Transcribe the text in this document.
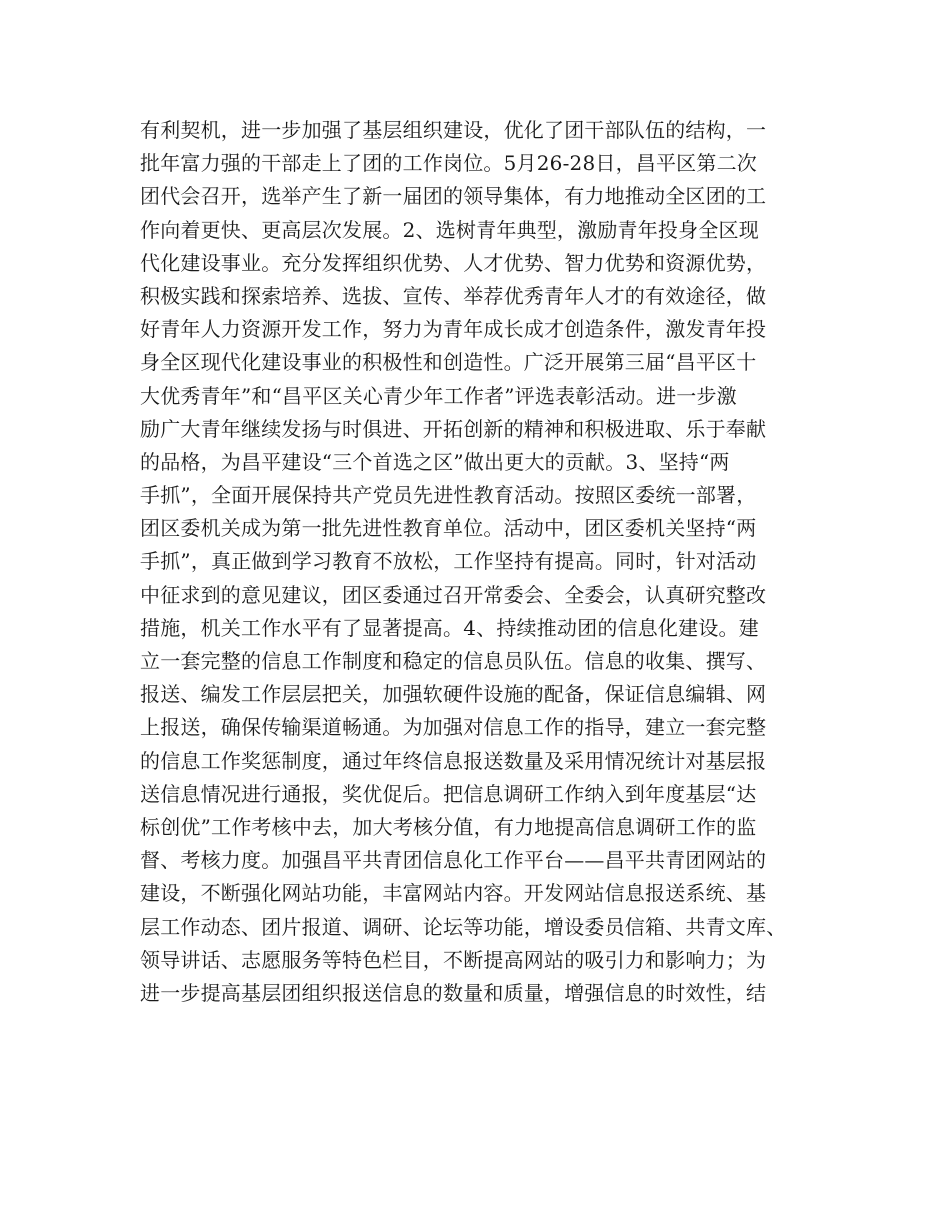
有利契机，进一步加强了基层组织建设，优化了团干部队伍的结构，一
批年富力强的干部走上了团的工作岗位。5月26-28日，昌平区第二次
团代会召开，选举产生了新一届团的领导集体，有力地推动全区团的工
作向着更快、更高层次发展。2、选树青年典型，激励青年投身全区现
代化建设事业。充分发挥组织优势、人才优势、智力优势和资源优势，
积极实践和探索培养、选拔、宣传、举荐优秀青年人才的有效途径，做
好青年人力资源开发工作，努力为青年成长成才创造条件，激发青年投
身全区现代化建设事业的积极性和创造性。广泛开展第三届“昌平区十
大优秀青年”和“昌平区关心青少年工作者”评选表彰活动。进一步激
励广大青年继续发扬与时俱进、开拓创新的精神和积极进取、乐于奉献
的品格，为昌平建设“三个首选之区”做出更大的贡献。3、坚持“两
手抓”，全面开展保持共产党员先进性教育活动。按照区委统一部署，
团区委机关成为第一批先进性教育单位。活动中，团区委机关坚持“两
手抓”，真正做到学习教育不放松，工作坚持有提高。同时，针对活动
中征求到的意见建议，团区委通过召开常委会、全委会，认真研究整改
措施，机关工作水平有了显著提高。4、持续推动团的信息化建设。建
立一套完整的信息工作制度和稳定的信息员队伍。信息的收集、撰写、
报送、编发工作层层把关，加强软硬件设施的配备，保证信息编辑、网
上报送，确保传输渠道畅通。为加强对信息工作的指导，建立一套完整
的信息工作奖惩制度，通过年终信息报送数量及采用情况统计对基层报
送信息情况进行通报，奖优促后。把信息调研工作纳入到年度基层“达
标创优”工作考核中去，加大考核分值，有力地提高信息调研工作的监
督、考核力度。加强昌平共青团信息化工作平台——昌平共青团网站的
建设，不断强化网站功能，丰富网站内容。开发网站信息报送系统、基
层工作动态、团片报道、调研、论坛等功能，增设委员信箱、共青文库、
领导讲话、志愿服务等特色栏目，不断提高网站的吸引力和影响力；为
进一步提高基层团组织报送信息的数量和质量，增强信息的时效性，结
